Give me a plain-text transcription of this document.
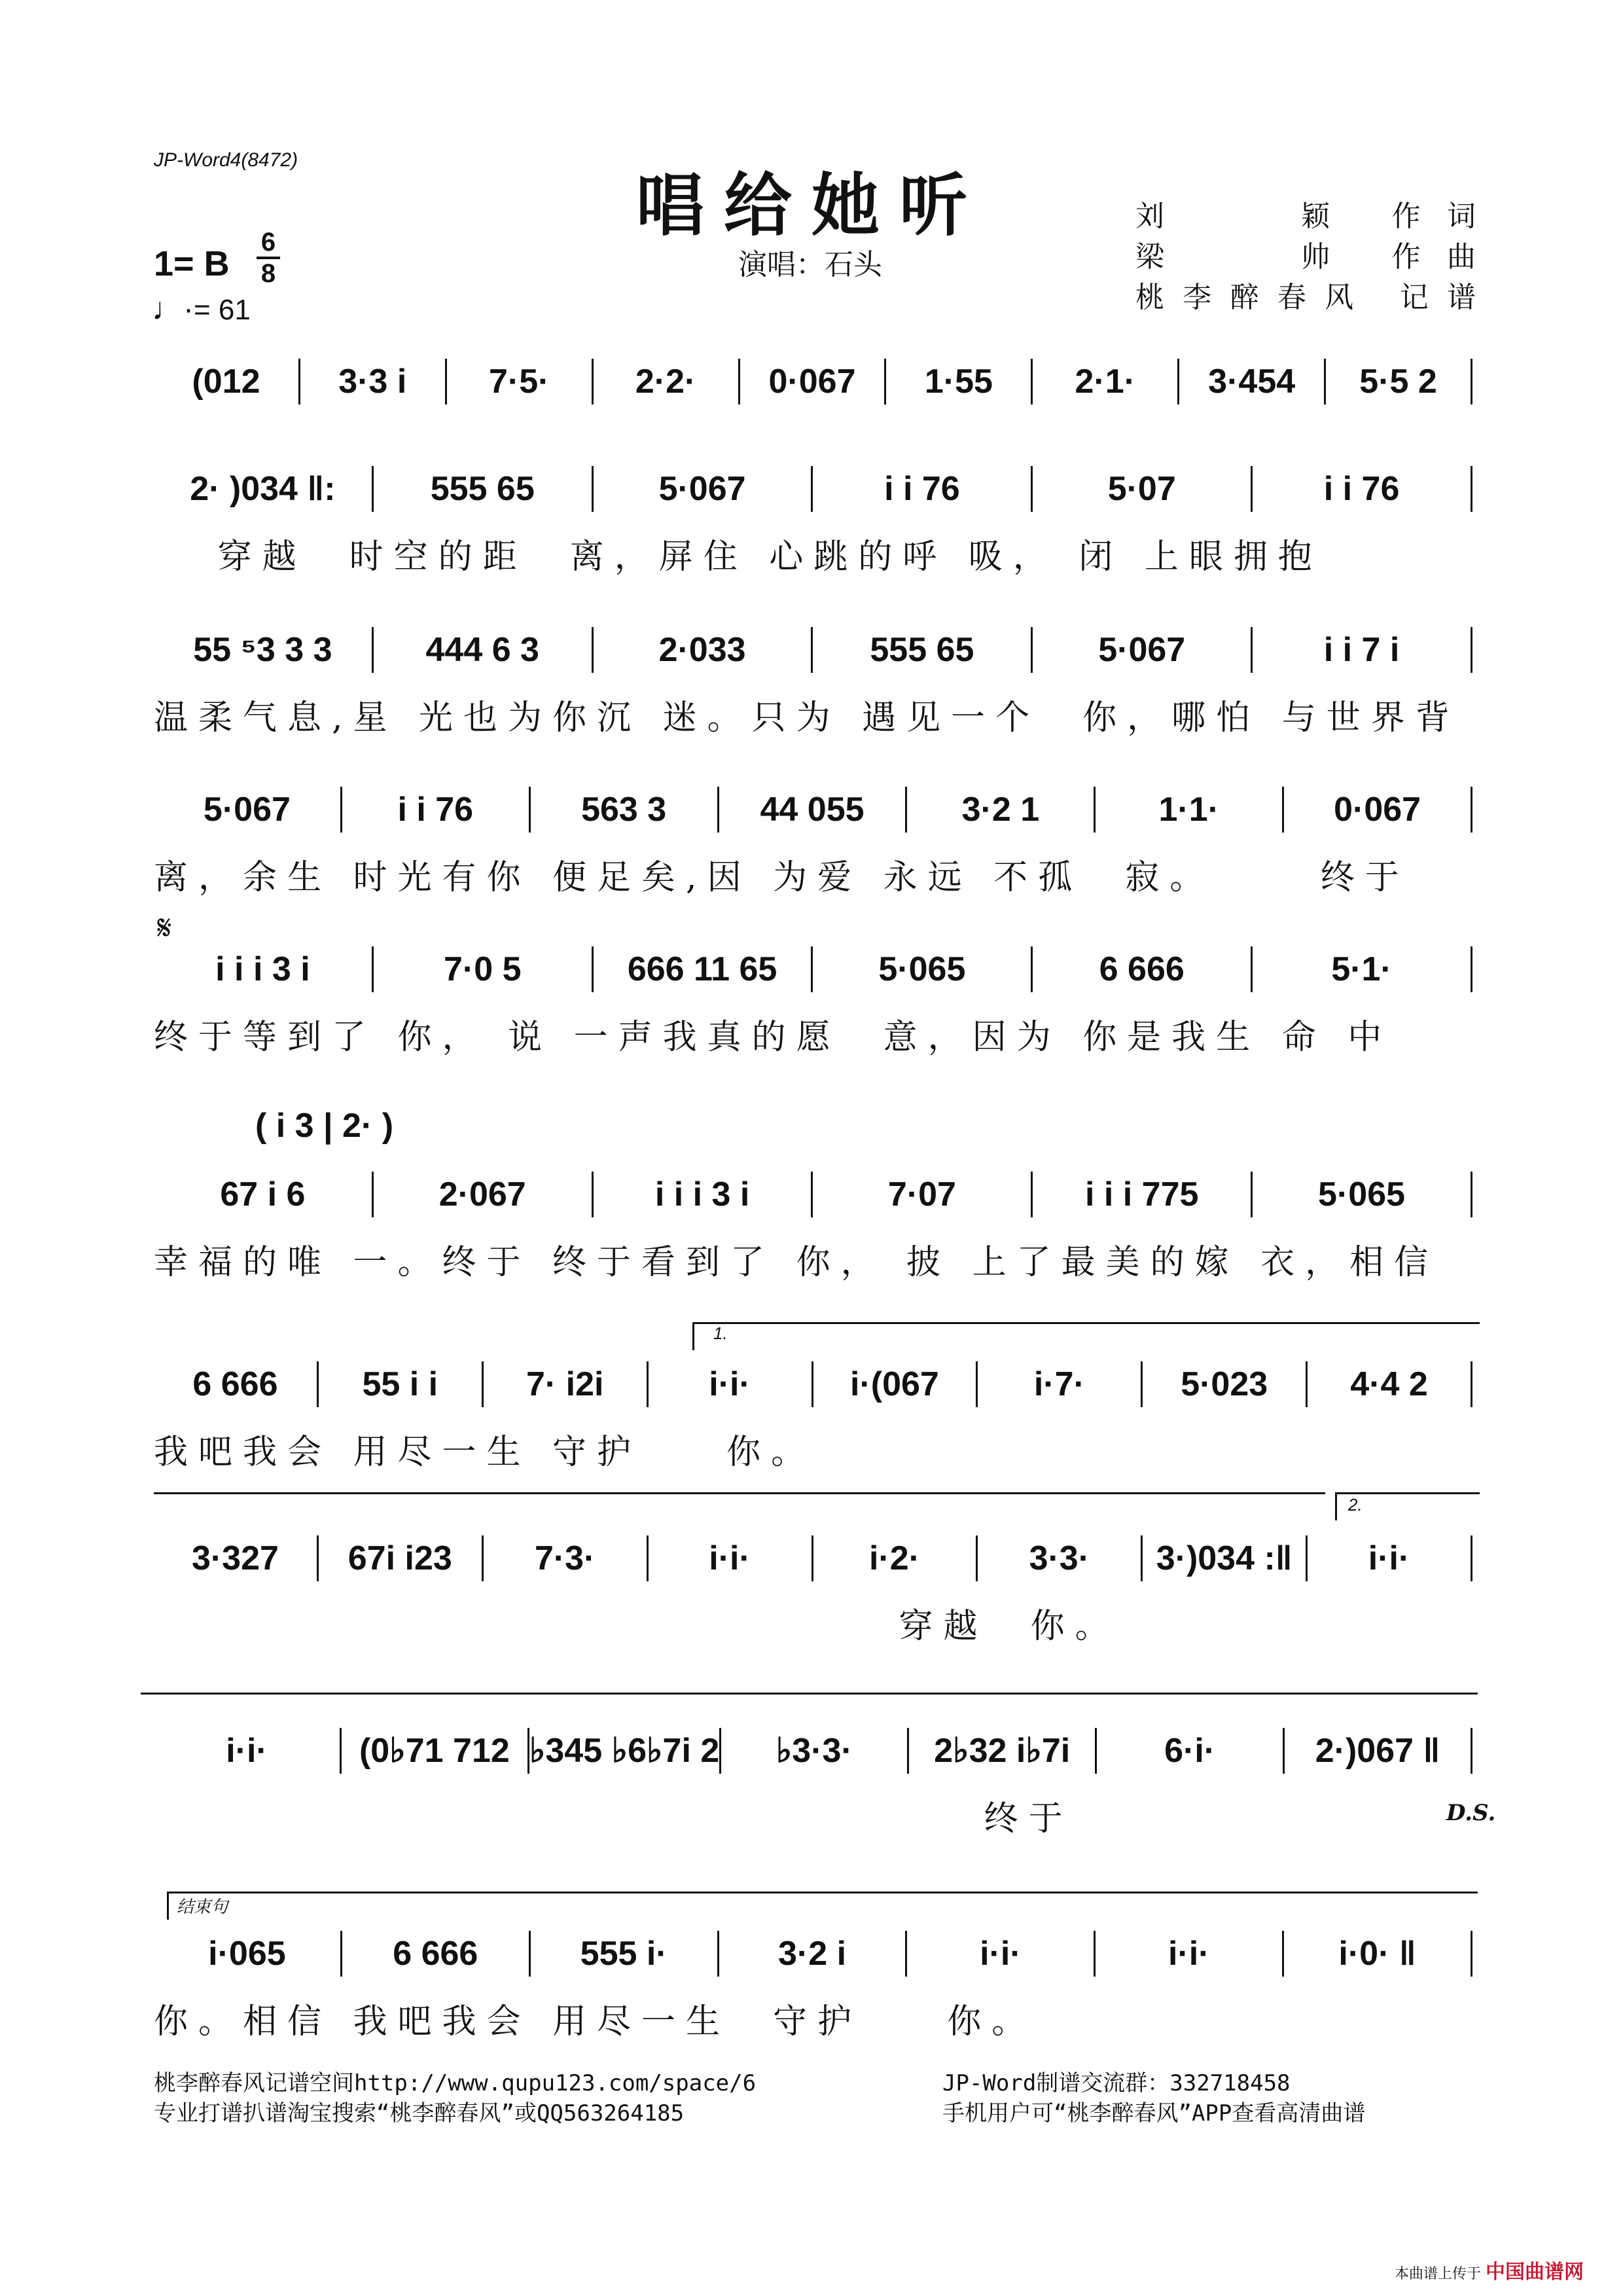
JP-Word4(8472)
唱给她听
演唱：石头
刘　　颖 作词
梁　　帅 作曲
桃李醉春风 记谱
1= B
6
8
♩·= 61
(012	3·3 i	7·5·	2·2·	0·067	1·55	2·1·	3·454	5·5 2
2· )034 ‖:	555 65	5·067	i i 76	5·07	i i 76
穿越  时空的距  离，屏住 心跳的呼 吸， 闭 上眼拥抱
55 ⁵3 3 3	444 6 3	2·033	555 65	5·067	i i 7 i
温柔气息,星 光也为你沉 迷。只为 遇见一个  你，哪怕 与世界背
5·067	i i 76	563 3	44 055	3·2 1	1·1·	0·067
离，余生 时光有你 便足矣,因 为爱 永远 不孤  寂。     终于
𝄋
i i i 3 i	7·0 5	666 11 65	5·065	6 666	5·1·
终于等到了 你， 说 一声我真的愿  意，因为 你是我生 命 中
( i 3 | 2· )
67 i 6	2·067	i i i 3 i	7·07	i i i 775	5·065
幸福的唯 一。终于 终于看到了 你， 披 上了最美的嫁 衣，相信
1.
6 666	55 i i	7· i2i	i·i·	i·(067	i·7·	5·023	4·4 2
我吧我会 用尽一生 守护    你。
2.
3·327	67i i23	7·3·	i·i·	i·2·	3·3·	3·)034 :‖	i·i·
穿越  你。
i·i·	(0♭71 712 ♭345 ♭6♭7i 2	♭3·3·	2♭32 i♭7i	6·i·	2·)067 ‖
终于	D.S.
结束句
i·065	6 666	555 i·	3·2 i	i·i·	i·i·	i·0· ‖
你。相信 我吧我会 用尽一生  守护    你。
桃李醉春风记谱空间http://www.qupu123.com/space/6
专业打谱扒谱淘宝搜索“桃李醉春风”或QQ563264185
JP-Word制谱交流群：332718458
手机用户可“桃李醉春风”APP查看高清曲谱
本曲谱上传于 中国曲谱网
